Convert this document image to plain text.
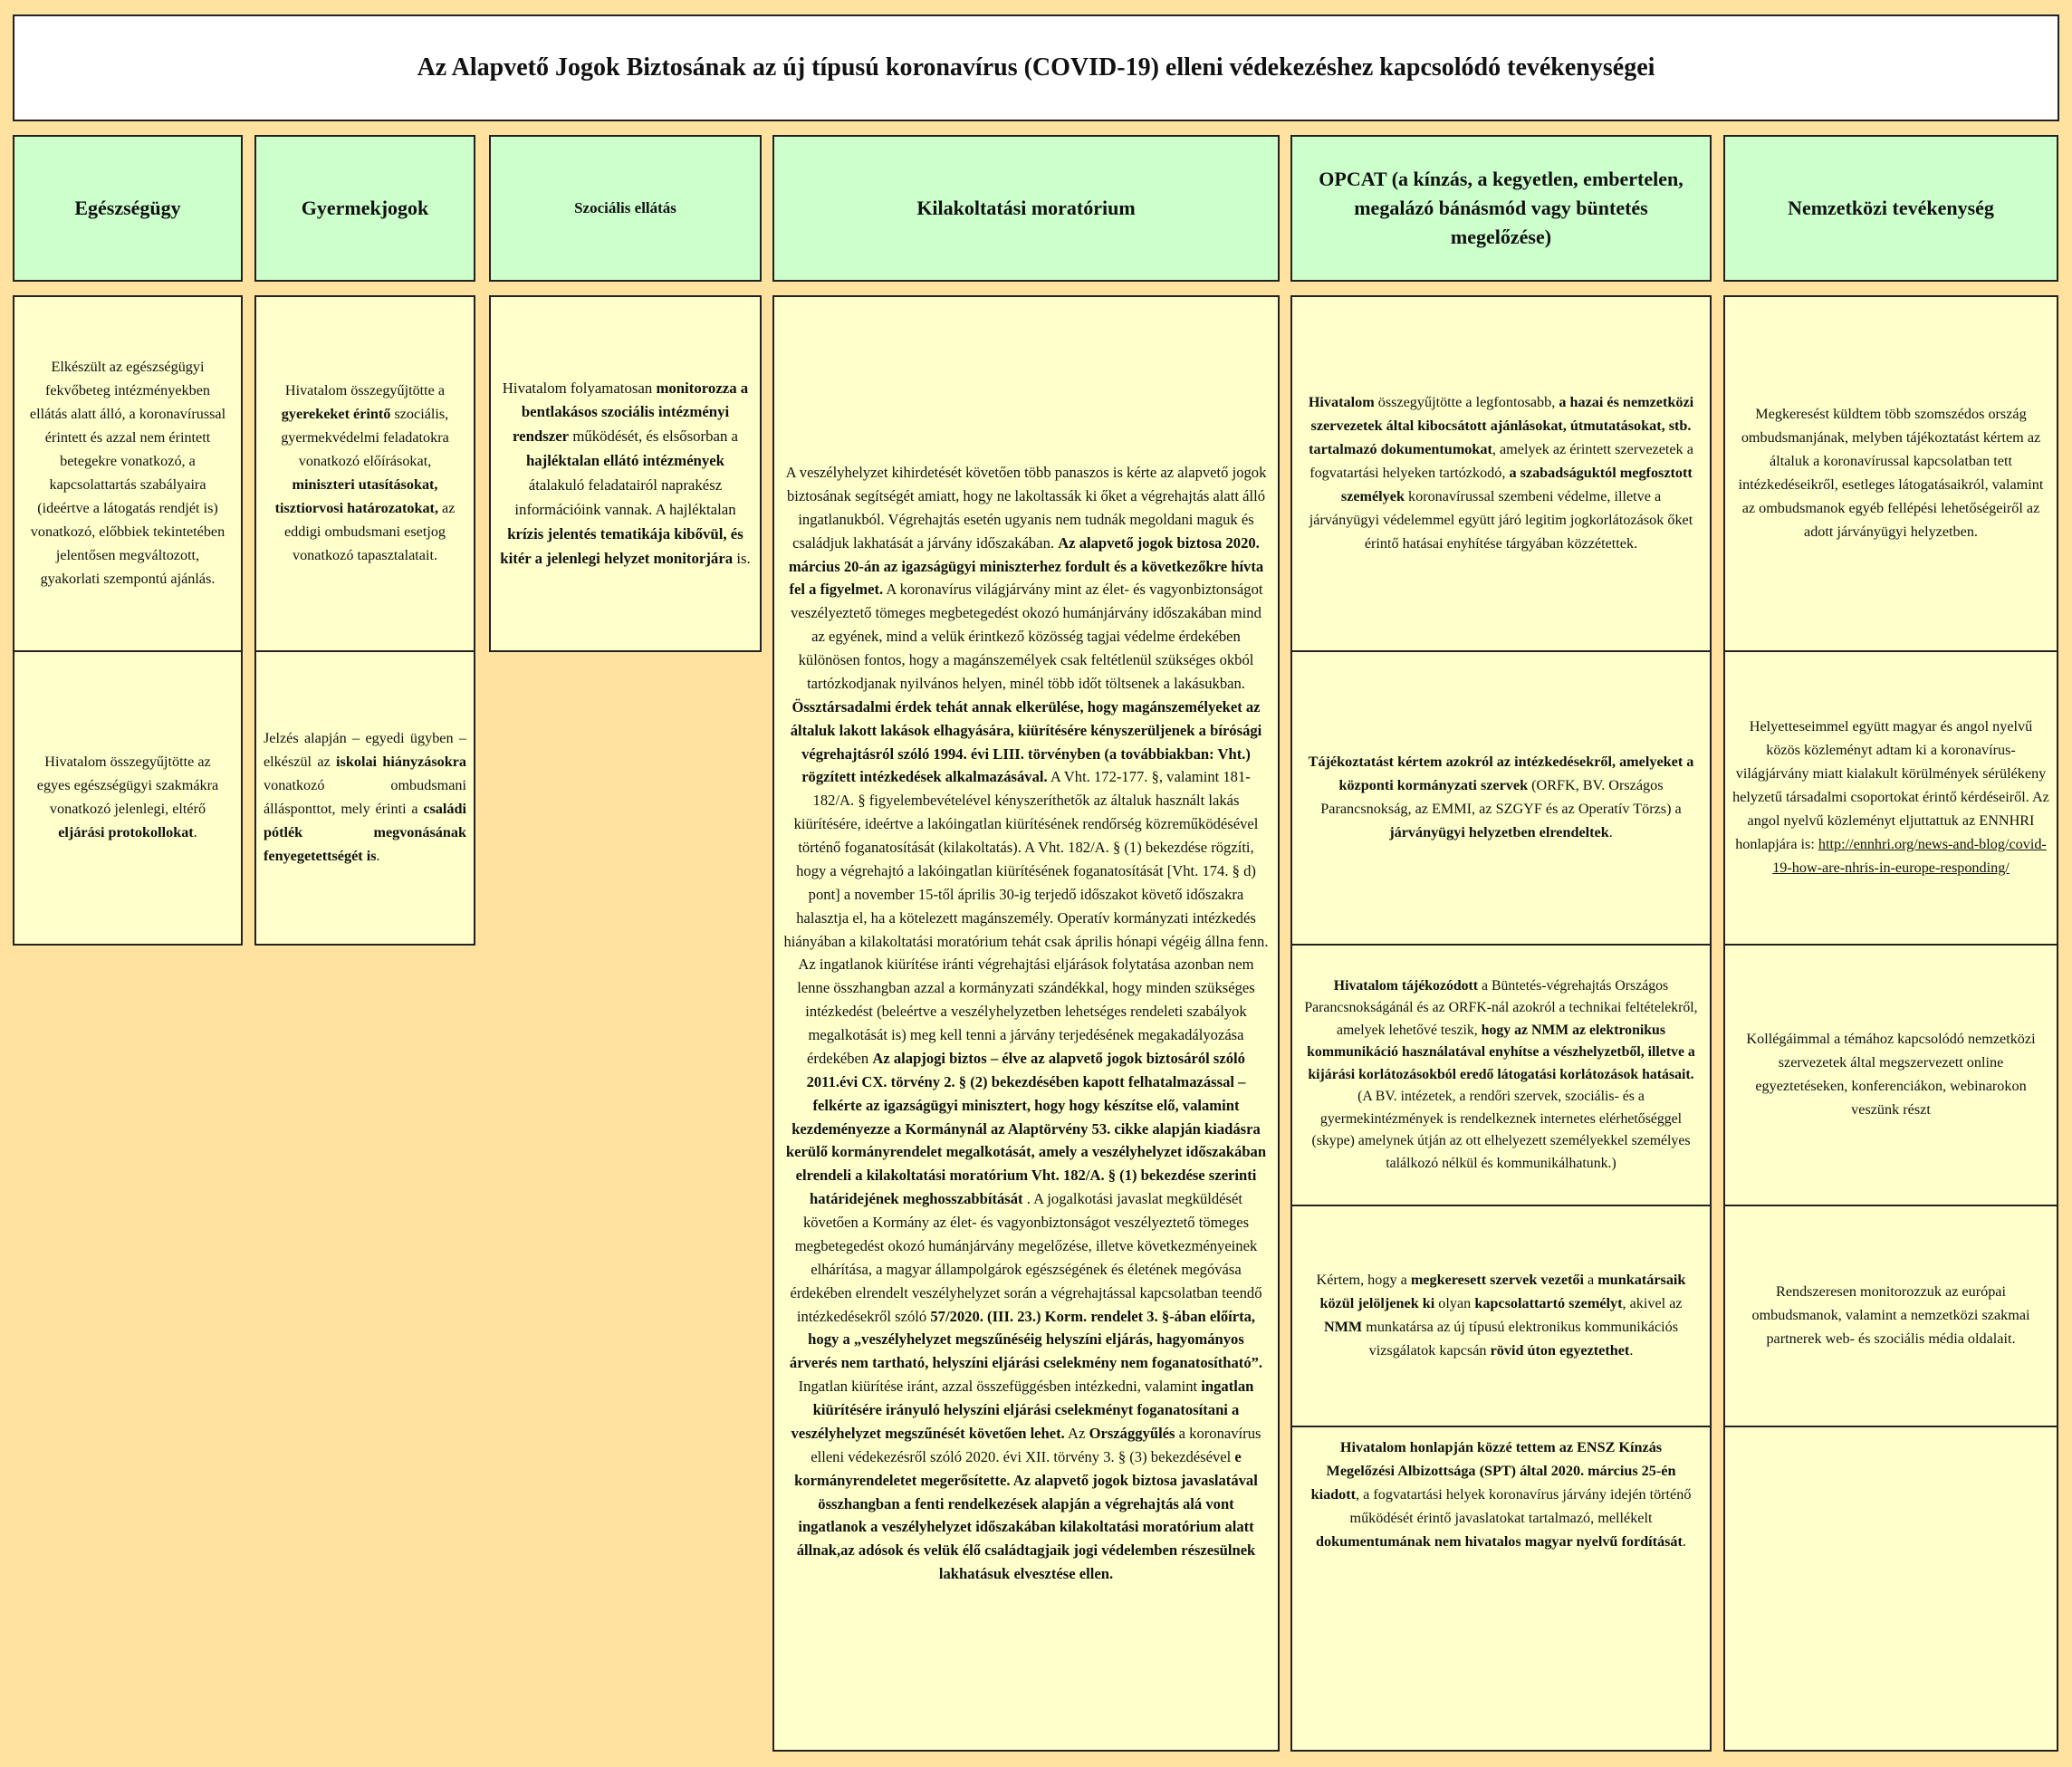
Az Alapvető Jogok Biztosának az új típusú koronavírus (COVID-19) elleni védekezéshez kapcsolódó tevékenységei
Egészségügy	Gyermekjogok	Szociális ellátás	Kilakoltatási moratórium
OPCAT (a kínzás, a kegyetlen, embertelen, megalázó bánásmód vagy büntetés megelőzése)
Nemzetközi tevékenység

Elkészült az egészségügyi fekvőbeteg intézményekben ellátás alatt álló, a koronavírussal érintett és azzal nem érintett betegekre vonatkozó, a kapcsolattartás szabályaira (ideértve a látogatás rendjét is) vonatkozó, előbbiek tekintetében jelentősen megváltozott, gyakorlati szempontú ajánlás.

Hivatalom összegyűjtötte az egyes egészségügyi szakmákra vonatkozó jelenlegi, eltérő eljárási protokollokat.

Hivatalom összegyűjtötte a gyerekeket érintő szociális, gyermekvédelmi feladatokra vonatkozó előírásokat, miniszteri utasításokat, tisztiorvosi határozatokat, az eddigi ombudsmani esetjog vonatkozó tapasztalatait.

Jelzés alapján – egyedi ügyben – elkészül az iskolai hiányzásokra vonatkozó ombudsmani állásponttot, mely érinti a családi pótlék megvonásának fenyegetettségét is.

Hivatalom folyamatosan monitorozza a bentlakásos szociális intézményi rendszer működését, és elsősorban a hajléktalan ellátó intézmények átalakuló feladatairól naprakész információink vannak. A hajléktalan krízis jelentés tematikája kibővül, és kitér a jelenlegi helyzet monitorjára is.

A veszélyhelyzet kihirdetését követően több panaszos is kérte az alapvető jogok biztosának segítségét amiatt, hogy ne lakoltassák ki őket a végrehajtás alatt álló ingatlanukból. Végrehajtás esetén ugyanis nem tudnák megoldani maguk és családjuk lakhatását a járvány időszakában. Az alapvető jogok biztosa 2020. március 20-án az igazságügyi miniszterhez fordult és a következőkre hívta fel a figyelmet. A koronavírus világjárvány mint az élet- és vagyonbiztonságot veszélyeztető tömeges megbetegedést okozó humánjárvány időszakában mind az egyének, mind a velük érintkező közösség tagjai védelme érdekében különösen fontos, hogy a magánszemélyek csak feltétlenül szükséges okból tartózkodjanak nyilvános helyen, minél több időt töltsenek a lakásukban. Össztársadalmi érdek tehát annak elkerülése, hogy magánszemélyeket az általuk lakott lakások elhagyására, kiürítésére kényszerüljenek a bírósági végrehajtásról szóló 1994. évi LIII. törvényben (a továbbiakban: Vht.) rögzített intézkedések alkalmazásával. A Vht. 172-177. §, valamint 181-182/A. § figyelembevételével kényszeríthetők az általuk használt lakás kiürítésére, ideértve a lakóingatlan kiürítésének rendőrség közreműködésével történő foganatosítását (kilakoltatás). A Vht. 182/A. § (1) bekezdése rögzíti, hogy a végrehajtó a lakóingatlan kiürítésének foganatosítását [Vht. 174. § d) pont] a november 15-től április 30-ig terjedő időszakot követő időszakra halasztja el, ha a kötelezett magánszemély. Operatív kormányzati intézkedés hiányában a kilakoltatási moratórium tehát csak április hónapi végéig állna fenn. Az ingatlanok kiürítése iránti végrehajtási eljárások folytatása azonban nem lenne összhangban azzal a kormányzati szándékkal, hogy minden szükséges intézkedést (beleértve a veszélyhelyzetben lehetséges rendeleti szabályok megalkotását is) meg kell tenni a járvány terjedésének megakadályozása érdekében Az alapjogi biztos – élve az alapvető jogok biztosáról szóló 2011.évi CX. törvény 2. § (2) bekezdésében kapott felhatalmazással – felkérte az igazságügyi minisztert, hogy hogy készítse elő, valamint kezdeményezze a Kormánynál az Alaptörvény 53. cikke alapján kiadásra kerülő kormányrendelet megalkotását, amely a veszélyhelyzet időszakában elrendeli a kilakoltatási moratórium Vht. 182/A. § (1) bekezdése szerinti határidejének meghosszabbítását . A jogalkotási javaslat megküldését követően a Kormány az élet- és vagyonbiztonságot veszélyeztető tömeges megbetegedést okozó humánjárvány megelőzése, illetve következményeinek elhárítása, a magyar állampolgárok egészségének és életének megóvása érdekében elrendelt veszélyhelyzet során a végrehajtással kapcsolatban teendő intézkedésekről szóló 57/2020. (III. 23.) Korm. rendelet 3. §-ában előírta, hogy a „veszélyhelyzet megszűnéséig helyszíni eljárás, hagyományos árverés nem tartható, helyszíni eljárási cselekmény nem foganatosítható”. Ingatlan kiürítése iránt, azzal összefüggésben intézkedni, valamint ingatlan kiürítésére irányuló helyszíni eljárási cselekményt foganatosítani a veszélyhelyzet megszűnését követően lehet. Az Országgyűlés a koronavírus elleni védekezésről szóló 2020. évi XII. törvény 3. § (3) bekezdésével e kormányrendeletet megerősítette. Az alapvető jogok biztosa javaslatával összhangban a fenti rendelkezések alapján a végrehajtás alá vont ingatlanok a veszélyhelyzet időszakában kilakoltatási moratórium alatt állnak,az adósok és velük élő családtagjaik jogi védelemben részesülnek lakhatásuk elvesztése ellen.

Hivatalom összegyűjtötte a legfontosabb, a hazai és nemzetközi szervezetek által kibocsátott ajánlásokat, útmutatásokat, stb. tartalmazó dokumentumokat, amelyek az érintett szervezetek a fogvatartási helyeken tartózkodó, a szabadságuktól megfosztott személyek koronavírussal szembeni védelme, illetve a járványügyi védelemmel együtt járó legitim jogkorlátozások őket érintő hatásai enyhítése tárgyában közzétettek.

Tájékoztatást kértem azokról az intézkedésekről, amelyeket a központi kormányzati szervek (ORFK, BV. Országos Parancsnokság, az EMMI, az SZGYF és az Operatív Törzs) a járványügyi helyzetben elrendeltek.

Hivatalom tájékozódott a Büntetés-végrehajtás Országos Parancsnokságánál és az ORFK-nál azokról a technikai feltételekről, amelyek lehetővé teszik, hogy az NMM az elektronikus kommunikáció használatával enyhítse a vészhelyzetből, illetve a kijárási korlátozásokból eredő látogatási korlátozások hatásait. (A BV. intézetek, a rendőri szervek, szociális- és a gyermekintézmények is rendelkeznek internetes elérhetőséggel (skype) amelynek útján az ott elhelyezett személyekkel személyes találkozó nélkül és kommunikálhatunk.)

Kértem, hogy a megkeresett szervek vezetői a munkatársaik közül jelöljenek ki olyan kapcsolattartó személyt, akivel az NMM munkatársa az új típusú elektronikus kommunikációs vizsgálatok kapcsán rövid úton egyeztethet.

Hivatalom honlapján közzé tettem az ENSZ Kínzás Megelőzési Albizottsága (SPT) által 2020. március 25-én kiadott, a fogvatartási helyek koronavírus járvány idején történő működését érintő javaslatokat tartalmazó, mellékelt dokumentumának nem hivatalos magyar nyelvű fordítását.

Megkeresést küldtem több szomszédos ország ombudsmanjának, melyben tájékoztatást kértem az általuk a koronavírussal kapcsolatban tett intézkedéseikről, esetleges látogatásaikról, valamint az ombudsmanok egyéb fellépési lehetőségeiről az adott járványügyi helyzetben.

Helyetteseimmel együtt magyar és angol nyelvű közös közleményt adtam ki a koronavírus-világjárvány miatt kialakult körülmények sérülékeny helyzetű társadalmi csoportokat érintő kérdéseiről. Az angol nyelvű közleményt eljuttattuk az ENNHRI honlapjára is: http://ennhri.org/news-and-blog/covid-19-how-are-nhris-in-europe-responding/

Kollégáimmal a témához kapcsolódó nemzetközi szervezetek által megszervezett online egyeztetéseken, konferenciákon, webinarokon veszünk részt

Rendszeresen monitorozzuk az európai ombudsmanok, valamint a nemzetközi szakmai partnerek web- és szociális média oldalait.
